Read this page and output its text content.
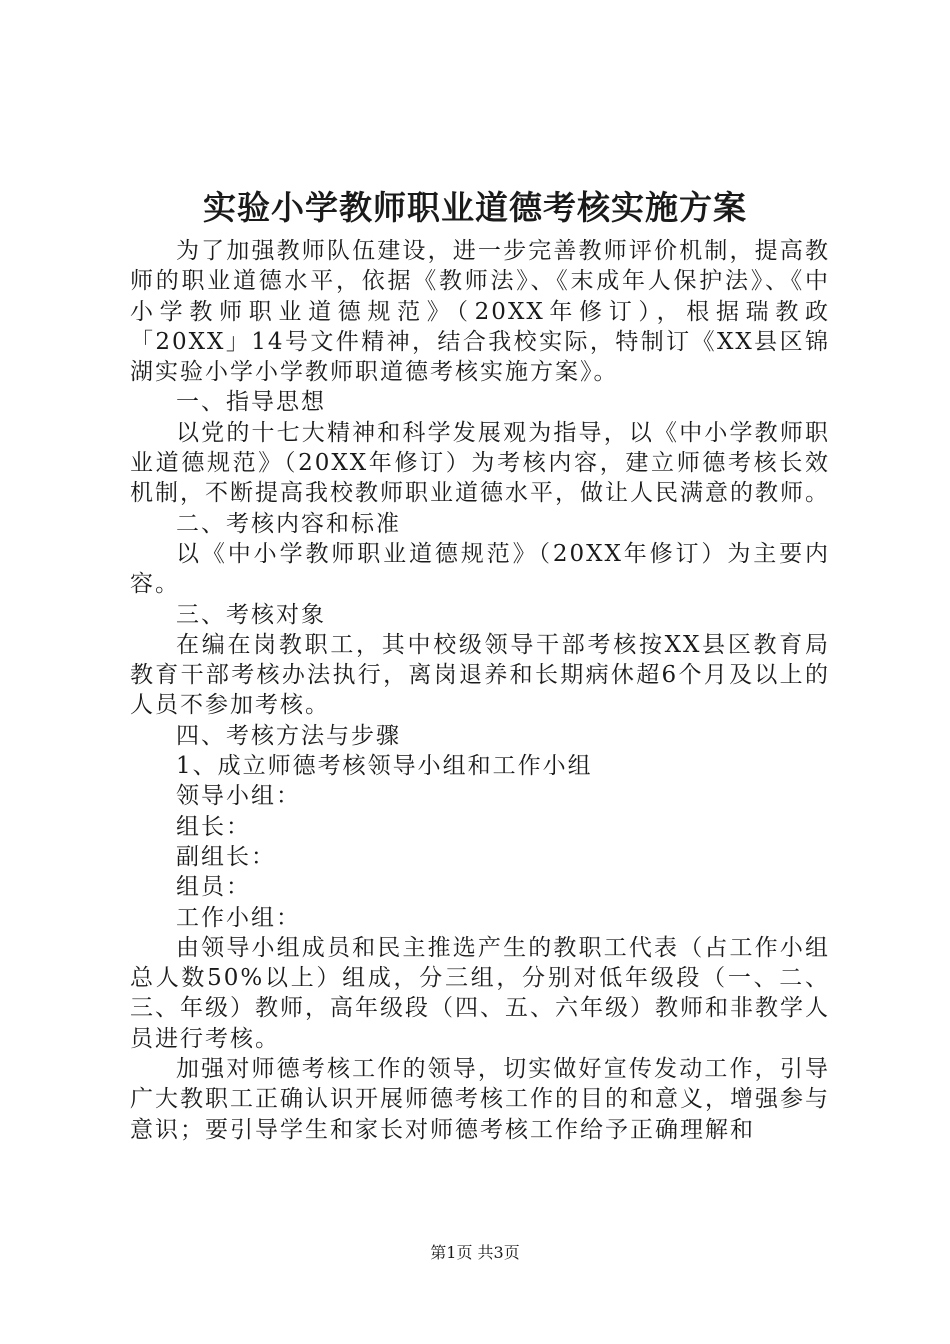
实验小学教师职业道德考核实施方案

为了加强教师队伍建设，进一步完善教师评价机制，提高教师的职业道德水平，依据《教师法》、《末成年人保护法》、《中小学教师职业道德规范》（20XX年修订），根据瑞教政「20XX」14号文件精神，结合我校实际，特制订《XX县区锦湖实验小学小学教师职道德考核实施方案》。

一、指导思想

以党的十七大精神和科学发展观为指导，以《中小学教师职业道德规范》（20XX年修订）为考核内容，建立师德考核长效机制，不断提高我校教师职业道德水平，做让人民满意的教师。

二、考核内容和标准

以《中小学教师职业道德规范》（20XX年修订）为主要内容。

三、考核对象

在编在岗教职工，其中校级领导干部考核按XX县区教育局教育干部考核办法执行，离岗退养和长期病休超6个月及以上的人员不参加考核。

四、考核方法与步骤

1、成立师德考核领导小组和工作小组

领导小组：

组长：

副组长：

组员：

工作小组：

由领导小组成员和民主推选产生的教职工代表（占工作小组总人数50%以上）组成，分三组，分别对低年级段（一、二、三、年级）教师，高年级段（四、五、六年级）教师和非教学人员进行考核。

加强对师德考核工作的领导，切实做好宣传发动工作，引导广大教职工正确认识开展师德考核工作的目的和意义，增强参与意识；要引导学生和家长对师德考核工作给予正确理解和

第1页 共3页
